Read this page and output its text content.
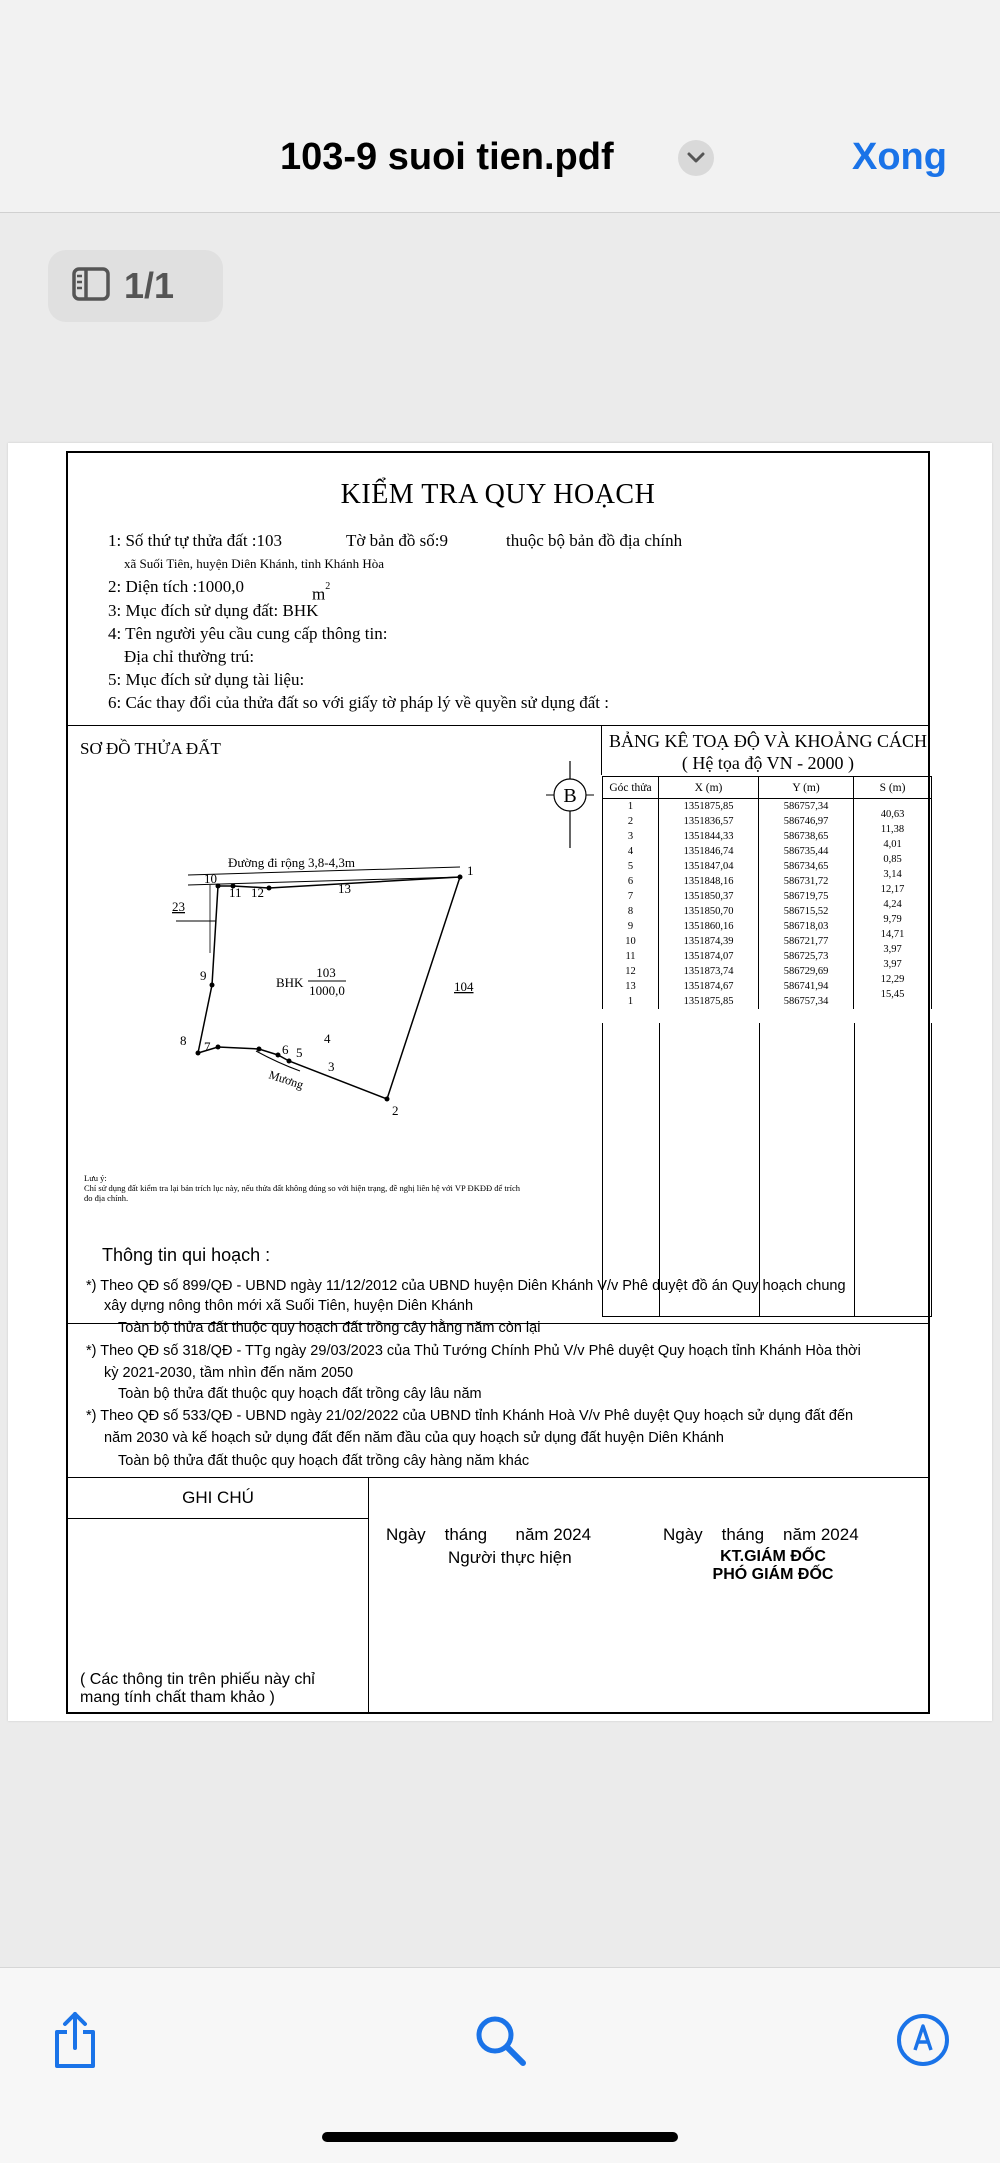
103-9 suoi tien.pdf	Xong
1/1
KIỂM TRA QUY HOẠCH
1: Số thứ tự thửa đất :103	Tờ bản đồ số:9	thuộc bộ bản đồ địa chính
xã Suối Tiên, huyện Diên Khánh, tỉnh Khánh Hòa
2: Diện tích :1000,0	$m^2$
3: Mục đích sử dụng đất: BHK
4: Tên người yêu cầu cung cấp thông tin:
Địa chỉ thường trú:
5: Mục đích sử dụng tài liệu:
6: Các thay đổi của thửa đất so với giấy tờ pháp lý về quyền sử dụng đất :
SƠ ĐỒ THỬA ĐẤT	BẢNG KÊ TOẠ ĐỘ VÀ KHOẢNG CÁCH
( Hệ tọa độ VN - 2000 )
B
Đường đi rộng 3,8-4,3m
1
2
3
4
5
6
7
8
9
10
11 12	13
23
104
Mương
BHK
103
1000,0
Góc thửa	X (m)	Y (m)	S (m)
1	1351875,85	586757,34	40,63
2	1351836,57	586746,97	11,38
3	1351844,33	586738,65	4,01
4	1351846,74	586735,44	0,85
5	1351847,04	586734,65	3,14
6	1351848,16	586731,72	12,17
7	1351850,37	586719,75	4,24
8	1351850,70	586715,52	9,79
9	1351860,16	586718,03	14,71
10	1351874,39	586721,77	3,97
11	1351874,07	586725,73	3,97
12	1351873,74	586729,69	12,29
13	1351874,67	586741,94	15,45
1	1351875,85	586757,34	
Lưu ý:
Chỉ sử dụng đất kiểm tra lại bản trích lục này, nếu thửa đất không đúng so với hiện trạng, đề nghị liên hệ với VP ĐKĐĐ để trích đo địa chính.
Thông tin qui hoạch :
*) Theo QĐ số 899/QĐ - UBND ngày 11/12/2012 của UBND huyện Diên Khánh V/v Phê duyệt đồ án Quy hoạch chung
xây dựng nông thôn mới xã Suối Tiên, huyện Diên Khánh
Toàn bộ thửa đất thuộc quy hoạch đất trồng cây hằng năm còn lại
*) Theo QĐ số 318/QĐ - TTg ngày 29/03/2023 của Thủ Tướng Chính Phủ V/v Phê duyệt Quy hoạch tỉnh Khánh Hòa thời
kỳ 2021-2030, tầm nhìn đến năm 2050
Toàn bộ thửa đất thuộc quy hoạch đất trồng cây lâu năm
*) Theo QĐ số 533/QĐ - UBND ngày 21/02/2022 của UBND tỉnh Khánh Hoà V/v Phê duyệt Quy hoạch sử dụng đất đến
năm 2030 và kế hoạch sử dụng đất đến năm đầu của quy hoạch sử dụng đất huyện Diên Khánh
Toàn bộ thửa đất thuộc quy hoạch đất trồng cây hàng năm khác
GHI CHÚ
Ngày tháng năm 2024
Người thực hiện
Ngày tháng năm 2024
KT.GIÁM ĐỐC
PHÓ GIÁM ĐỐC
( Các thông tin trên phiếu này chỉ
mang tính chất tham khảo )
